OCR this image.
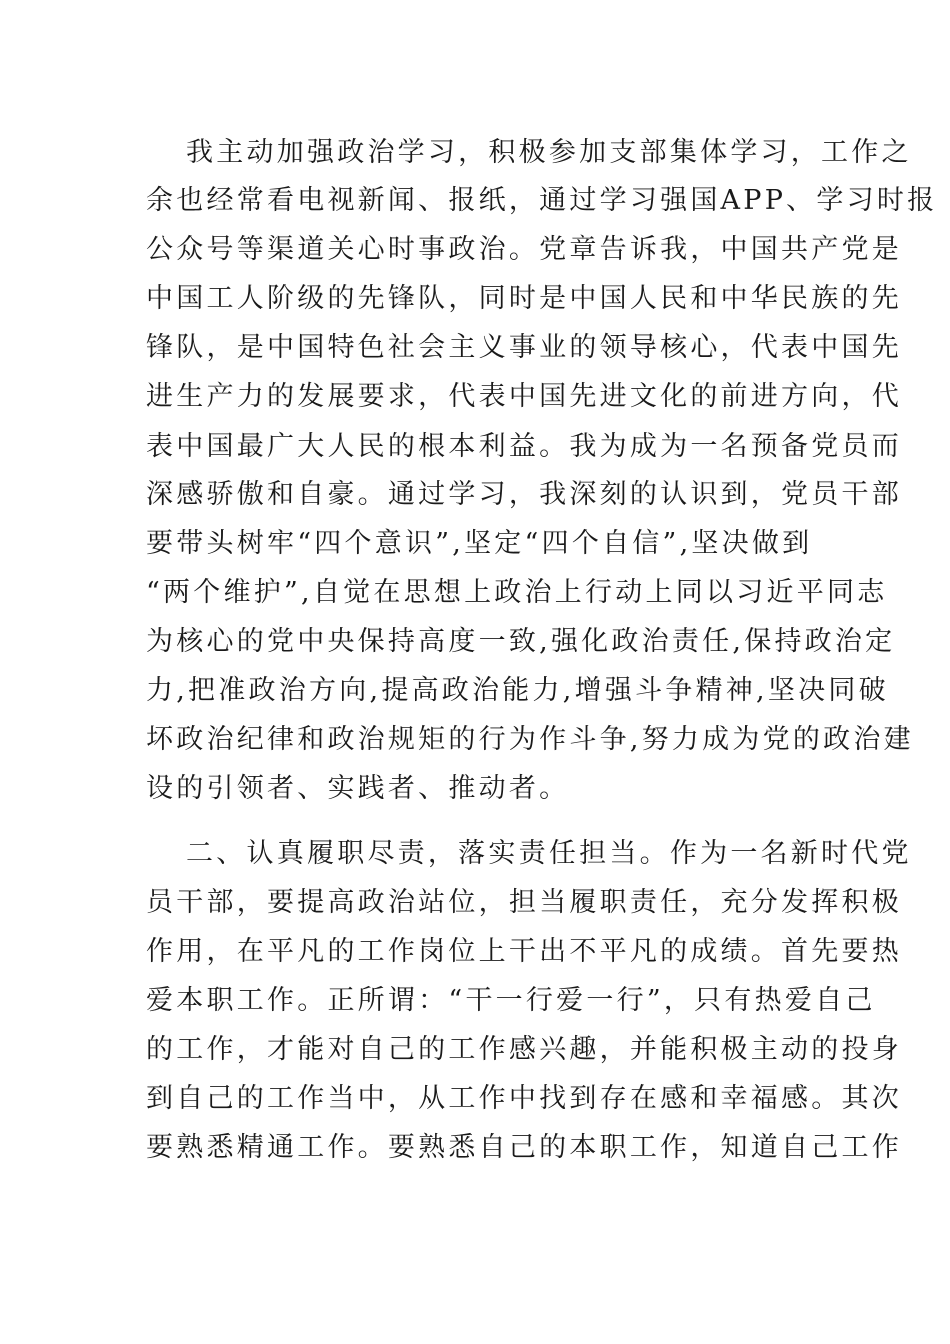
我主动加强政治学习，积极参加支部集体学习，工作之
余也经常看电视新闻、报纸，通过学习强国APP、学习时报
公众号等渠道关心时事政治。党章告诉我，中国共产党是
中国工人阶级的先锋队，同时是中国人民和中华民族的先
锋队，是中国特色社会主义事业的领导核心，代表中国先
进生产力的发展要求，代表中国先进文化的前进方向，代
表中国最广大人民的根本利益。我为成为一名预备党员而
深感骄傲和自豪。通过学习，我深刻的认识到，党员干部
要带头树牢“四个意识”,坚定“四个自信”,坚决做到
“两个维护”,自觉在思想上政治上行动上同以习近平同志
为核心的党中央保持高度一致,强化政治责任,保持政治定
力,把准政治方向,提高政治能力,增强斗争精神,坚决同破
坏政治纪律和政治规矩的行为作斗争,努力成为党的政治建
设的引领者、实践者、推动者。
二、认真履职尽责，落实责任担当。作为一名新时代党
员干部，要提高政治站位，担当履职责任，充分发挥积极
作用，在平凡的工作岗位上干出不平凡的成绩。首先要热
爱本职工作。正所谓：“干一行爱一行”，只有热爱自己
的工作，才能对自己的工作感兴趣，并能积极主动的投身
到自己的工作当中，从工作中找到存在感和幸福感。其次
要熟悉精通工作。要熟悉自己的本职工作，知道自己工作
